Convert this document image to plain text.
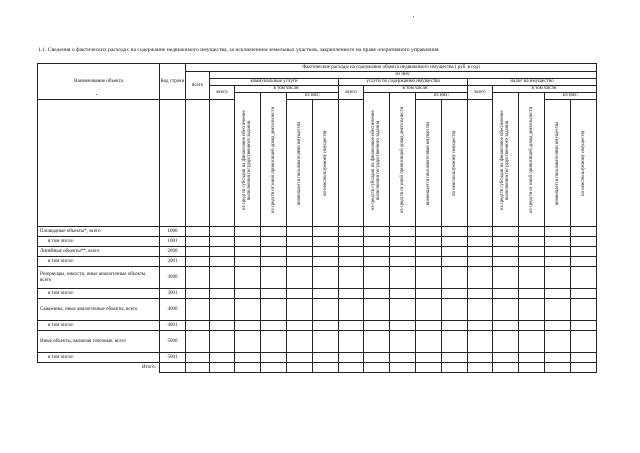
1.1. Сведения о фактических расходах на содержание недвижимого имущества, за исключением земельных участков, закрепленного на праве оперативного управления
Наименование объекта	Код строки	Фактические расходы на содержание объекта недвижимого имущества ( руб. в год)															
		всего	из них:														
			коммунальные услуги					услуги по содержанию имущества					налог на имущество				
			всего	в том числе:				всего	в том числе:				всего	в том числе:			

				из средств субсидии на финансовое обеспечение выполнения государственного задания	из средств от иной приносящей доход деятельности	из них:			из средств субсидии на финансовое обеспечение выполнения государственного задания	из средств от иной приносящей доход деятельности	из них:			из средств субсидии на финансовое обеспечение выполнения государственного задания	из средств от иной приносящей доход деятельности	из них:	

						возмещается пользователями имущества	по неиспользуемому имуществу				возмещается пользователями имущества	по неиспользуемому имуществу				возмещается пользователями имущества	по неиспользуемому имуществу

Площадные объекты*, всего	1000																
в том числе:	1001																
Линейные объекты**, всего	2000																
в том числе:	2001																
Резервуары, емкости, иные аналогичные объекты, всего	3000																
в том числе:	3001																
Скважины, иные аналогичные объекты, всего	4000																
в том числе:	4001																
Иные объекты, включая точечные, всего	5000																
в том числе:	5001																
Итого:																	
